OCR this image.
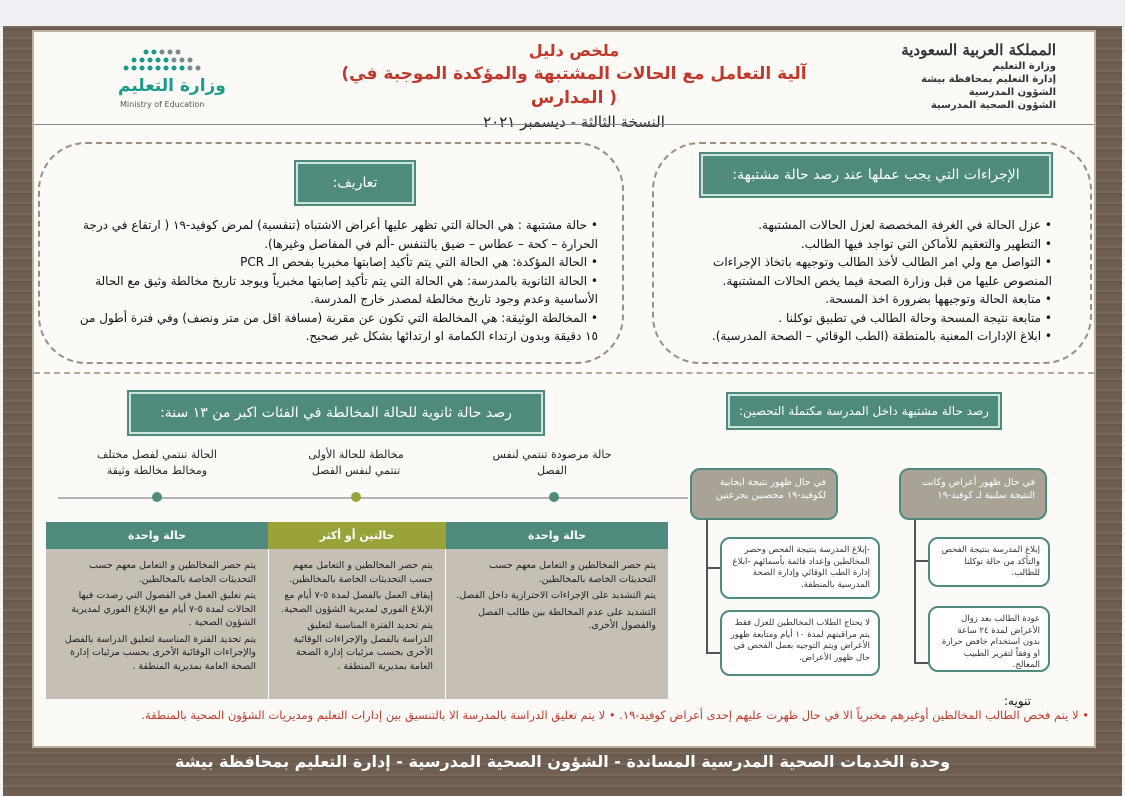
وزارة التعليم
Ministry of Education
ملخص دليل
(آلية التعامل مع الحالات المشتبهة والمؤكدة الموجبة في المدارس )
النسخة الثالثة - ديسمبر ٢٠٢١
المملكة العربية السعودية
وزارة التعليم
إدارة التعليم بمحافظة بيشة
الشؤون المدرسية
الشؤون الصحية المدرسية
الإجراءات التي يجب عملها عند رصد حالة مشتبهة:
• عزل الحالة في الغرفة المخصصة لعزل الحالات المشتبهة.
• التطهير والتعقيم للأماكن التي تواجد فيها الطالب.
• التواصل مع ولي امر الطالب لأخذ الطالب وتوجيهه باتخاذ الإجراءات المنصوص عليها من قبل وزارة الصحة فيما يخص الحالات المشتبهة.
• متابعة الحالة وتوجيهها بضرورة اخذ المسحة.
• متابعة نتيجة المسحة وحالة الطالب في تطبيق توكلنا .
• ابلاغ الإدارات المعنية بالمنطقة (الطب الوقائي – الصحة المدرسية).
تعاريف:
• حالة مشتبهة : هي الحالة التي تظهر عليها أعراض الاشتباه (تنفسية) لمرض كوفيد-١٩ ( ارتفاع في درجة الحرارة – كحة – عطاس – ضيق بالتنفس -ألم في المفاصل وغيرها).
• الحالة المؤكدة: هي الحالة التي يتم تأكيد إصابتها مخبريا بفحص الـ PCR
• الحالة الثانوية بالمدرسة: هي الحالة التي يتم تأكيد إصابتها مخبرياً ويوجد تاريخ مخالطة وثيق مع الحالة الأساسية وعدم وجود تاريخ مخالطة لمصدر خارج المدرسة.
• المخالطة الوثيقة: هي المخالطة التي تكون عن مقربة (مسافة اقل من متر ونصف) وفي فترة أطول من ١٥ دقيقة وبدون ارتداء الكمامة او ارتدائها بشكل غير صحيح.
رصد حالة ثانوية للحالة المخالطة في الفئات اكبر من ١٣ سنة:
حالة مرصودة تنتمي لنفس الفصل
مخالطة للحالة الأولى تنتمي لنفس الفصل
الحالة تنتمي لفصل مختلف ومخالط مخالطة وثيقة
حالة واحدة
حالتين أو أكثر
حالة واحدة

يتم حصر المخالطين و التعامل معهم حسب التحديثات الخاصة بالمخالطين.

يتم التشديد على الإجراءات الاحترازية داخل الفصل.

التشديد على عدم المخالطة بين طالب الفصل والفصول الأخرى.

يتم حصر المخالطين و التعامل معهم حسب التحديثات الخاصة بالمخالطين.

إيقاف العمل بالفصل لمدة ٥-٧ أيام مع الإبلاغ الفوري لمديرية الشؤون الصحية.

يتم تحديد الفترة المناسبة لتعليق الدراسة بالفصل والإجراءات الوقائية الأخرى بحسب مرئيات إدارة الصحة العامة بمديرية المنطقة .

يتم حصر المخالطين و التعامل معهم حسب التحديثات الخاصة بالمخالطين.

يتم تعليق العمل في الفصول التي رصدت فيها الحالات لمدة ٥-٧ أيام مع الإبلاغ الفوري لمديرية الشؤون الصحية .

يتم تحديد الفترة المناسبة لتعليق الدراسة بالفصل والإجراءات الوقائية الأخرى بحسب مرئيات إدارة الصحة العامة بمديرية المنطقة .

رصد حالة مشتبهة داخل المدرسة مكتملة التحصين:
في حال ظهور أعراض وكانت النتيجة سلبية لـ كوفيد-١٩
في حال ظهور نتيجة ايجابية لكوفيد-١٩ محصنين بجرعتين
إبلاغ المدرسة بنتيجة الفحص والتأكد من حالة توكلنا للطالب.
عودة الطالب بعد زوال الأعراض لمدة ٢٤ ساعة بدون استخدام خافض حرارة او وفقاً لتقرير الطبيب المعالج.
-إبلاغ المدرسة بنتيجة الفحص وحصر المخالطين وإعداد قائمة بأسمائهم -ابلاغ إدارة الطب الوقائي وإدارة الصحة المدرسية بالمنطقة.
لا يحتاج الطلاب المخالطين للعزل فقط يتم مراقبتهم لمدة ١٠ أيام ومتابعة ظهور الأعراض ويتم التوجيه بعمل الفحص في حال ظهور الأعراض.
تنويه:
• لا يتم فحص الطالب المخالطين أوغيرهم مخبرياً الا في حال ظهرت عليهم إحدى أعراض كوفيد-١٩. • لا يتم تعليق الدراسة بالمدرسة الا بالتنسيق بين إدارات التعليم ومديريات الشؤون الصحية بالمنطقة.
وحدة الخدمات الصحية المدرسية المساندة - الشؤون الصحية المدرسية - إدارة التعليم بمحافظة بيشة
